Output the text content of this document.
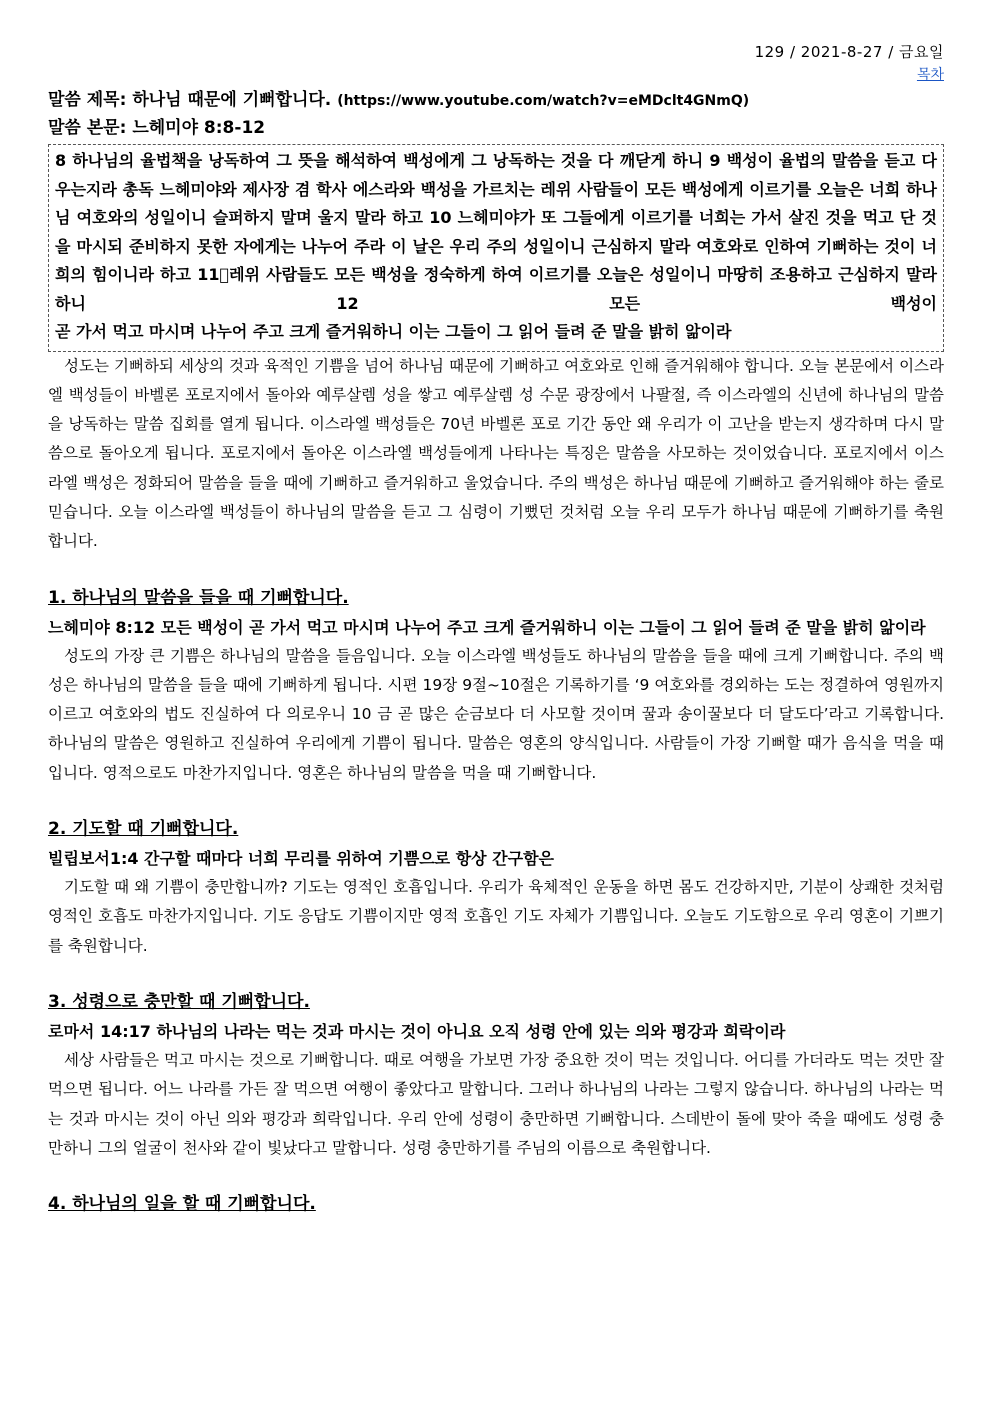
129 / 2021-8-27 / 금요일
목차
말씀 제목: 하나님 때문에 기뻐합니다. (https://www.youtube.com/watch?v=eMDclt4GNmQ)
말씀 본문: 느헤미야 8:8-12
8 하나님의 율법책을 낭독하여 그 뜻을 해석하여 백성에게 그 낭독하는 것을 다 깨닫게 하니 9 백성이 율법의 말씀을 듣고 다 우는지라 총독 느헤미야와 제사장 겸 학사 에스라와 백성을 가르치는 레위 사람들이 모든 백성에게 이르기를 오늘은 너희 하나님 여호와의 성일이니 슬퍼하지 말며 울지 말라 하고 10 느헤미야가 또 그들에게 이르기를 너희는 가서 살진 것을 먹고 단 것을 마시되 준비하지 못한 자에게는 나누어 주라 이 날은 우리 주의 성일이니 근심하지 말라 여호와로 인하여 기뻐하는 것이 너희의 힘이니라 하고 11 레위 사람들도 모든 백성을 정숙하게 하여 이르기를 오늘은 성일이니 마땅히 조용하고 근심하지 말라 하니 12 모든 백성이
곧 가서 먹고 마시며 나누어 주고 크게 즐거워하니 이는 그들이 그 읽어 들려 준 말을 밝히 앎이라

성도는 기뻐하되 세상의 것과 육적인 기쁨을 넘어 하나님 때문에 기뻐하고 여호와로 인해 즐거워해야 합니다. 오늘 본문에서 이스라엘 백성들이 바벨론 포로지에서 돌아와 예루살렘 성을 쌓고 예루살렘 성 수문 광장에서 나팔절, 즉 이스라엘의 신년에 하나님의 말씀을 낭독하는 말씀 집회를 열게 됩니다. 이스라엘 백성들은 70년 바벨론 포로 기간 동안 왜 우리가 이 고난을 받는지 생각하며 다시 말씀으로 돌아오게 됩니다. 포로지에서 돌아온 이스라엘 백성들에게 나타나는 특징은 말씀을 사모하는 것이었습니다. 포로지에서 이스라엘 백성은 정화되어 말씀을 들을 때에 기뻐하고 즐거워하고 울었습니다. 주의 백성은 하나님 때문에 기뻐하고 즐거워해야 하는 줄로 믿습니다. 오늘 이스라엘 백성들이 하나님의 말씀을 듣고 그 심령이 기뻤던 것처럼 오늘 우리 모두가 하나님 때문에 기뻐하기를 축원합니다.

1. 하나님의 말씀을 들을 때 기뻐합니다.
느헤미야 8:12 모든 백성이 곧 가서 먹고 마시며 나누어 주고 크게 즐거워하니 이는 그들이 그 읽어 들려 준 말을 밝히 앎이라

성도의 가장 큰 기쁨은 하나님의 말씀을 들음입니다. 오늘 이스라엘 백성들도 하나님의 말씀을 들을 때에 크게 기뻐합니다. 주의 백성은 하나님의 말씀을 들을 때에 기뻐하게 됩니다. 시편 19장 9절~10절은 기록하기를 ‘9 여호와를 경외하는 도는 정결하여 영원까지 이르고 여호와의 법도 진실하여 다 의로우니 10 금 곧 많은 순금보다 더 사모할 것이며 꿀과 송이꿀보다 더 달도다’라고 기록합니다. 하나님의 말씀은 영원하고 진실하여 우리에게 기쁨이 됩니다. 말씀은 영혼의 양식입니다. 사람들이 가장 기뻐할 때가 음식을 먹을 때입니다. 영적으로도 마찬가지입니다. 영혼은 하나님의 말씀을 먹을 때 기뻐합니다.

2. 기도할 때 기뻐합니다.
빌립보서1:4 간구할 때마다 너희 무리를 위하여 기쁨으로 항상 간구함은

기도할 때 왜 기쁨이 충만합니까? 기도는 영적인 호흡입니다. 우리가 육체적인 운동을 하면 몸도 건강하지만, 기분이 상쾌한 것처럼 영적인 호흡도 마찬가지입니다. 기도 응답도 기쁨이지만 영적 호흡인 기도 자체가 기쁨입니다. 오늘도 기도함으로 우리 영혼이 기쁘기를 축원합니다.

3. 성령으로 충만할 때 기뻐합니다.
로마서 14:17 하나님의 나라는 먹는 것과 마시는 것이 아니요 오직 성령 안에 있는 의와 평강과 희락이라

세상 사람들은 먹고 마시는 것으로 기뻐합니다. 때로 여행을 가보면 가장 중요한 것이 먹는 것입니다. 어디를 가더라도 먹는 것만 잘 먹으면 됩니다. 어느 나라를 가든 잘 먹으면 여행이 좋았다고 말합니다. 그러나 하나님의 나라는 그렇지 않습니다. 하나님의 나라는 먹는 것과 마시는 것이 아닌 의와 평강과 희락입니다. 우리 안에 성령이 충만하면 기뻐합니다. 스데반이 돌에 맞아 죽을 때에도 성령 충만하니 그의 얼굴이 천사와 같이 빛났다고 말합니다. 성령 충만하기를 주님의 이름으로 축원합니다.

4. 하나님의 일을 할 때 기뻐합니다.
